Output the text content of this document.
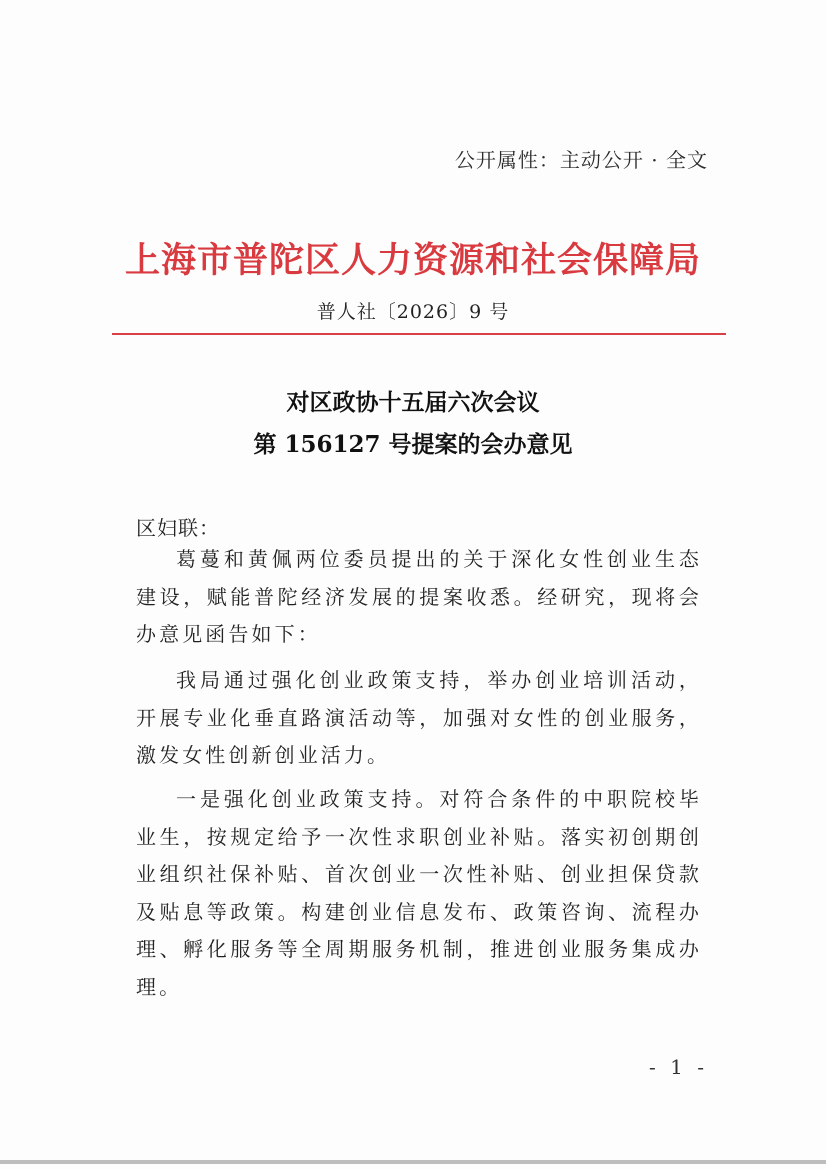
公开属性：主动公开 · 全文
上海市普陀区人力资源和社会保障局
普人社〔2026〕9 号
对区政协十五届六次会议
第 156127 号提案的会办意见
区妇联：

葛蔓和黄佩两位委员提出的关于深化女性创业生态建设，赋能普陀经济发展的提案收悉。经研究，现将会办意见函告如下：

我局通过强化创业政策支持，举办创业培训活动，开展专业化垂直路演活动等，加强对女性的创业服务，激发女性创新创业活力。

一是强化创业政策支持。对符合条件的中职院校毕业生，按规定给予一次性求职创业补贴。落实初创期创业组织社保补贴、首次创业一次性补贴、创业担保贷款及贴息等政策。构建创业信息发布、政策咨询、流程办理、孵化服务等全周期服务机制，推进创业服务集成办理。

- 1 -
